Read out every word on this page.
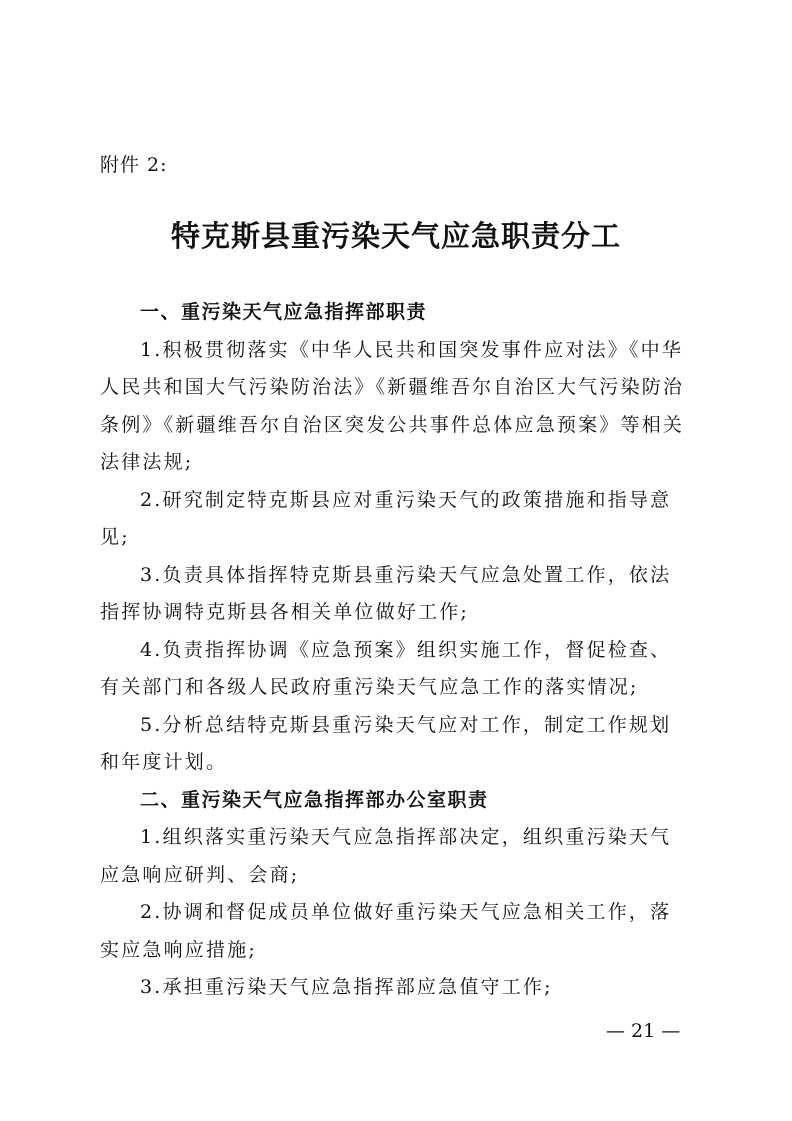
附件 2:
特克斯县重污染天气应急职责分工

一、重污染天气应急指挥部职责

1.积极贯彻落实《中华人民共和国突发事件应对法》《中华人民共和国大气污染防治法》《新疆维吾尔自治区大气污染防治条例》《新疆维吾尔自治区突发公共事件总体应急预案》等相关法律法规;

2.研究制定特克斯县应对重污染天气的政策措施和指导意见;

3.负责具体指挥特克斯县重污染天气应急处置工作，依法指挥协调特克斯县各相关单位做好工作;

4.负责指挥协调《应急预案》组织实施工作，督促检查、有关部门和各级人民政府重污染天气应急工作的落实情况;

5.分析总结特克斯县重污染天气应对工作，制定工作规划和年度计划。

二、重污染天气应急指挥部办公室职责

1.组织落实重污染天气应急指挥部决定，组织重污染天气应急响应研判、会商;

2.协调和督促成员单位做好重污染天气应急相关工作，落实应急响应措施;

3.承担重污染天气应急指挥部应急值守工作;

— 21 —
